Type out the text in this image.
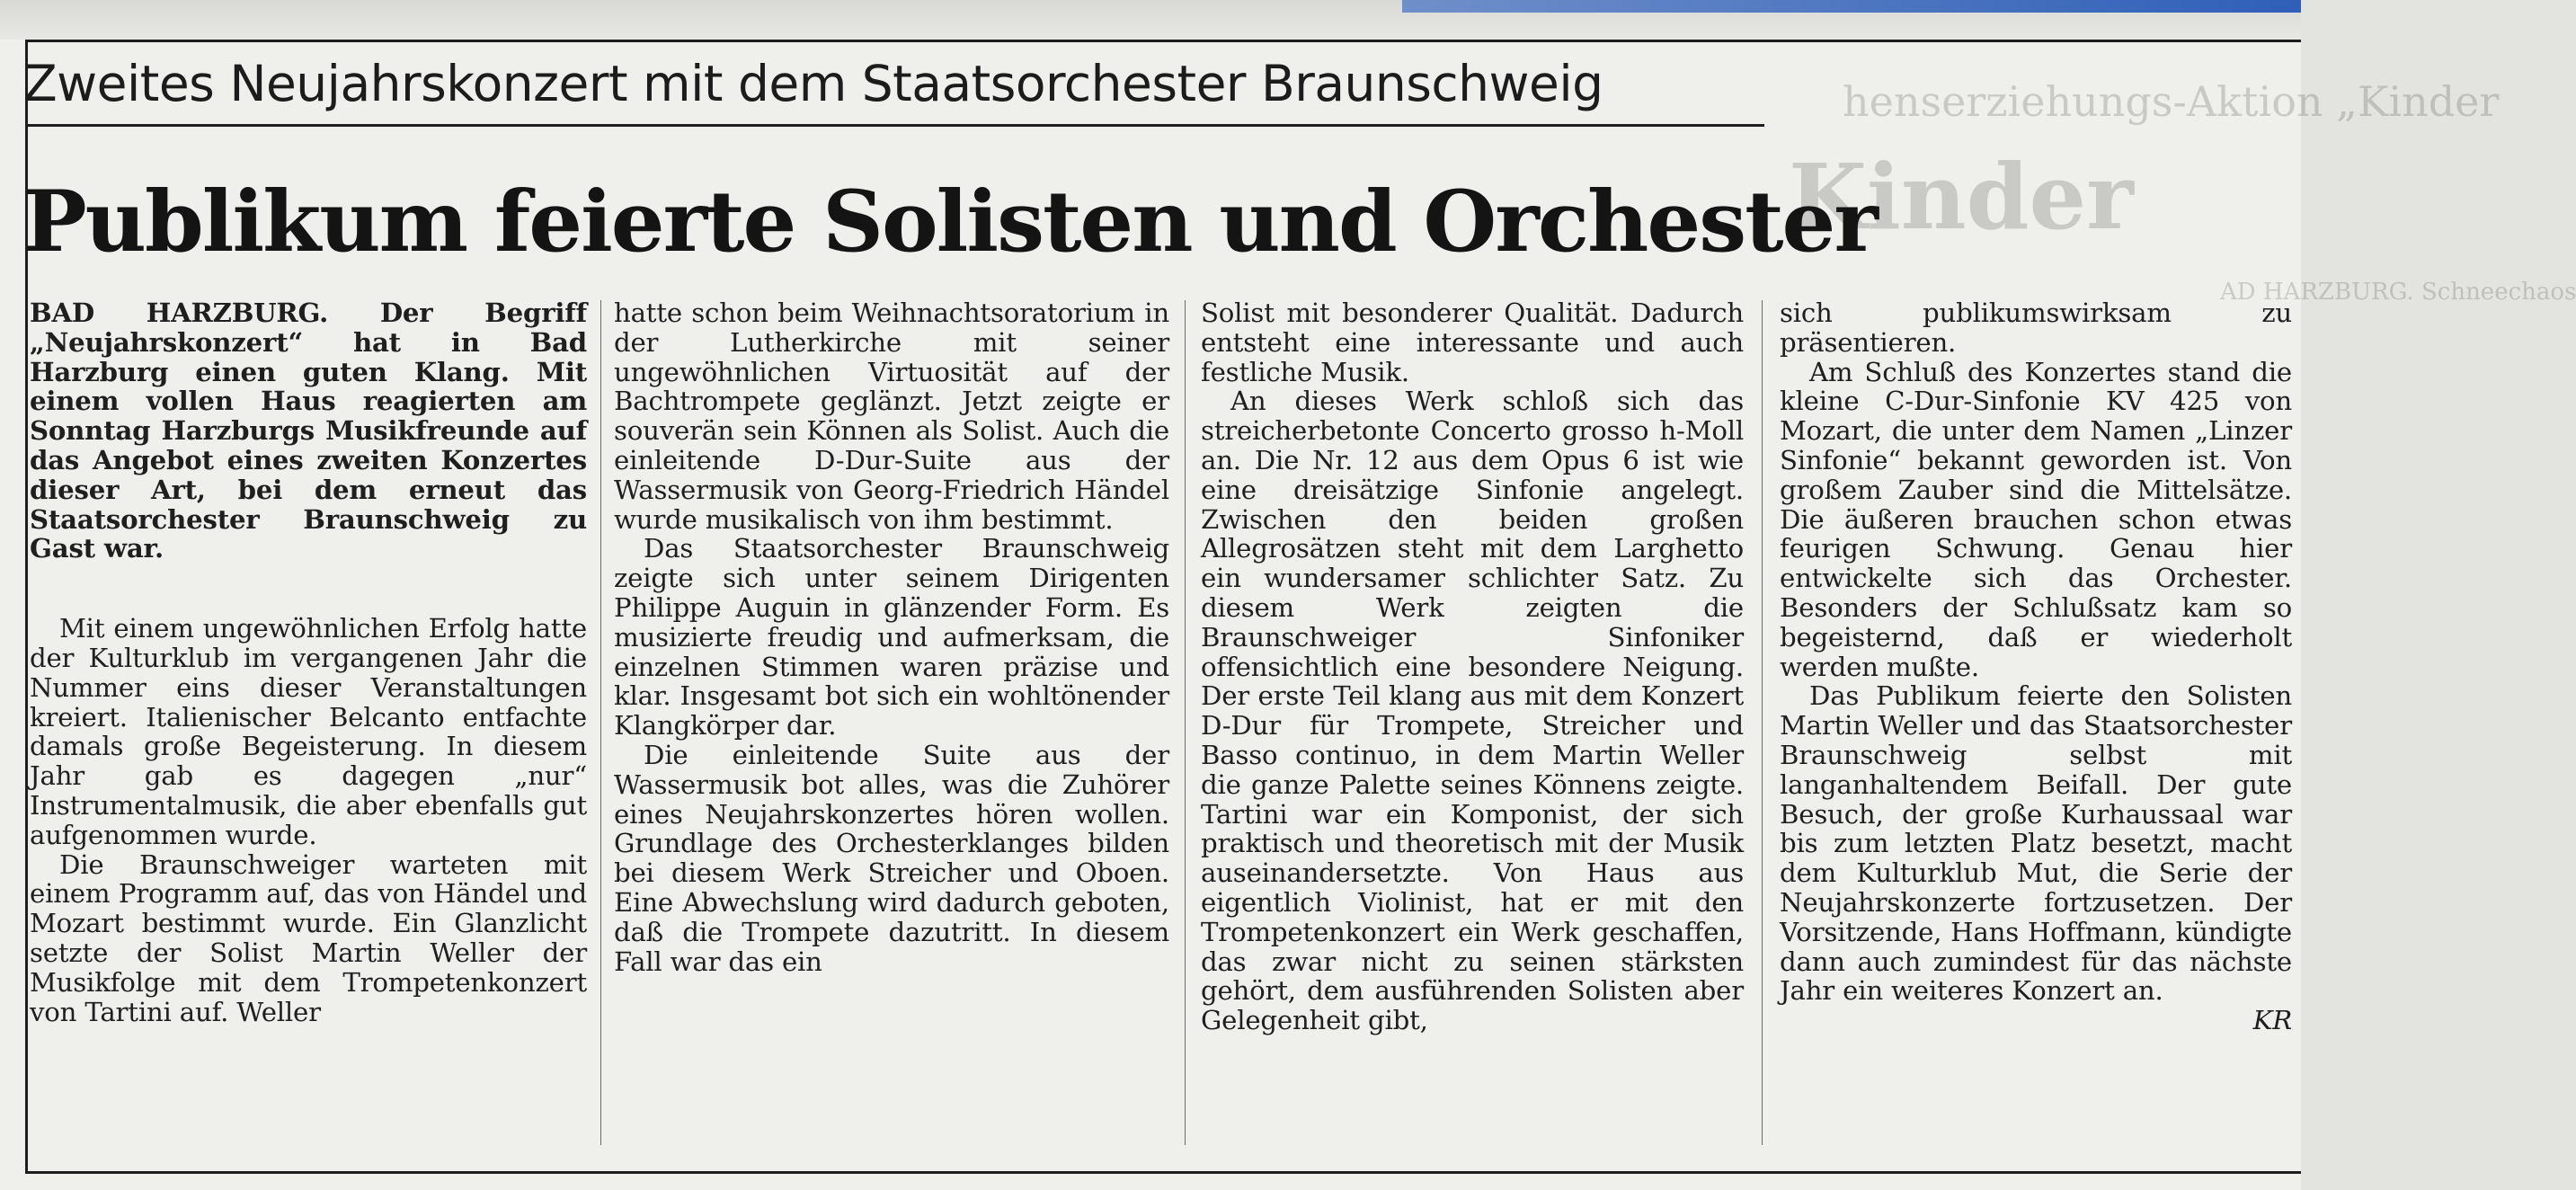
henserziehungs-Aktion „Kinder
Kinder
AD HARZBURG. Schneechaos
Zweites Neujahrskonzert mit dem Staatsorchester Braunschweig
Publikum feierte Solisten und Orchester

BAD HARZBURG. Der Begriff „Neujahrskonzert“ hat in Bad Harzburg einen guten Klang. Mit einem vollen Haus reagierten am Sonntag Harzburgs Musikfreunde auf das Angebot eines zweiten Konzertes dieser Art, bei dem erneut das Staatsorchester Braunschweig zu Gast war.

Mit einem ungewöhnlichen Erfolg hatte der Kulturklub im vergangenen Jahr die Nummer eins dieser Veranstaltungen kreiert. Italienischer Belcanto entfachte damals große Begeisterung. In diesem Jahr gab es dagegen „nur“ Instrumentalmusik, die aber ebenfalls gut aufgenommen wurde.

Die Braunschweiger warteten mit einem Programm auf, das von Händel und Mozart bestimmt wurde. Ein Glanzlicht setzte der Solist Martin Weller der Musikfolge mit dem Trompetenkonzert von Tartini auf. Weller

hatte schon beim Weihnachtsoratorium in der Lutherkirche mit seiner ungewöhnlichen Virtuosität auf der Bachtrompete geglänzt. Jetzt zeigte er souverän sein Können als Solist. Auch die einleitende D-Dur-Suite aus der Wassermusik von Georg-Friedrich Händel wurde musikalisch von ihm bestimmt.

Das Staatsorchester Braunschweig zeigte sich unter seinem Dirigenten Philippe Auguin in glänzender Form. Es musizierte freudig und aufmerksam, die einzelnen Stimmen waren präzise und klar. Insgesamt bot sich ein wohltönender Klangkörper dar.

Die einleitende Suite aus der Wassermusik bot alles, was die Zuhörer eines Neujahrskonzertes hören wollen. Grundlage des Orchesterklanges bilden bei diesem Werk Streicher und Oboen. Eine Abwechslung wird dadurch geboten, daß die Trompete dazutritt. In diesem Fall war das ein

Solist mit besonderer Qualität. Dadurch entsteht eine interessante und auch festliche Musik.

An dieses Werk schloß sich das streicherbetonte Concerto grosso h-Moll an. Die Nr. 12 aus dem Opus 6 ist wie eine dreisätzige Sinfonie angelegt. Zwischen den beiden großen Allegrosätzen steht mit dem Larghetto ein wundersamer schlichter Satz. Zu diesem Werk zeigten die Braunschweiger Sinfoniker offensichtlich eine besondere Neigung. Der erste Teil klang aus mit dem Konzert D-Dur für Trompete, Streicher und Basso continuo, in dem Martin Weller die ganze Palette seines Könnens zeigte. Tartini war ein Komponist, der sich praktisch und theoretisch mit der Musik auseinandersetzte. Von Haus aus eigentlich Violinist, hat er mit den Trompetenkonzert ein Werk geschaffen, das zwar nicht zu seinen stärksten gehört, dem ausführenden Solisten aber Gelegenheit gibt,

sich publikumswirksam zu präsentieren.

Am Schluß des Konzertes stand die kleine C-Dur-Sinfonie KV 425 von Mozart, die unter dem Namen „Linzer Sinfonie“ bekannt geworden ist. Von großem Zauber sind die Mittelsätze. Die äußeren brauchen schon etwas feurigen Schwung. Genau hier entwickelte sich das Orchester. Besonders der Schlußsatz kam so begeisternd, daß er wiederholt werden mußte.

Das Publikum feierte den Solisten Martin Weller und das Staatsorchester Braunschweig selbst mit langanhaltendem Beifall. Der gute Besuch, der große Kurhaussaal war bis zum letzten Platz besetzt, macht dem Kulturklub Mut, die Serie der Neujahrskonzerte fortzusetzen. Der Vorsitzende, Hans Hoffmann, kündigte dann auch zumindest für das nächste Jahr ein weiteres Konzert an.

KR
